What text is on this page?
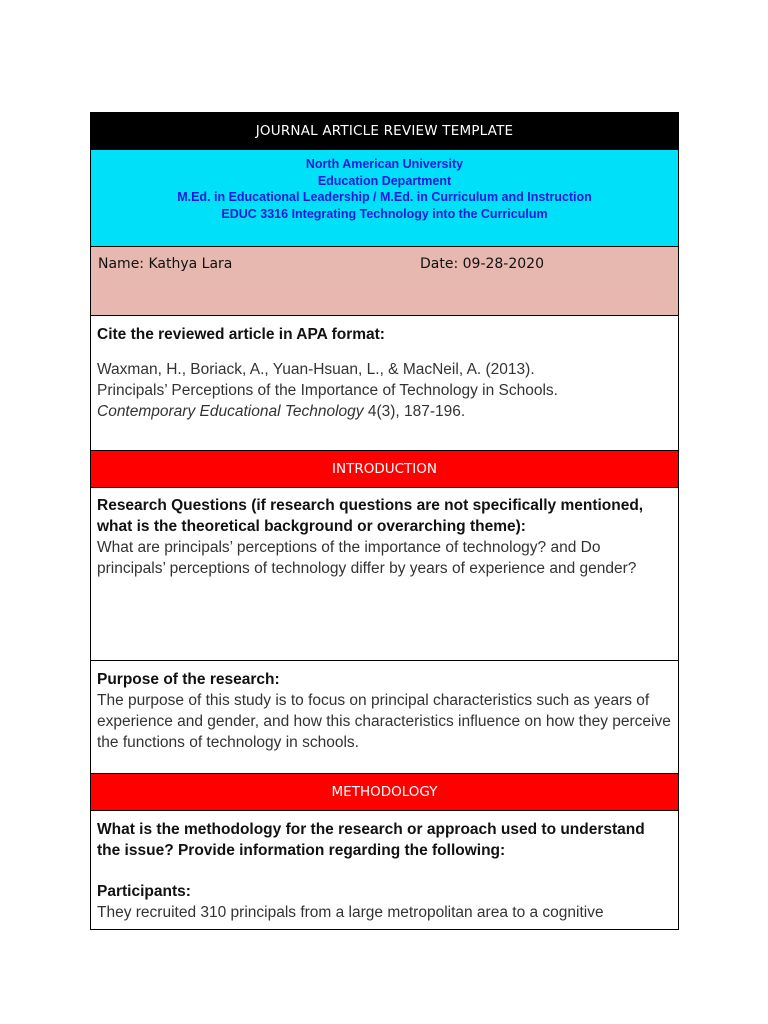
JOURNAL ARTICLE REVIEW TEMPLATE
North American University
Education Department
M.Ed. in Educational Leadership / M.Ed. in Curriculum and Instruction
EDUC 3316 Integrating Technology into the Curriculum
Name: Kathya Lara	Date: 09-28-2020
Cite the reviewed article in APA format:
Waxman, H., Boriack, A., Yuan-Hsuan, L., & MacNeil, A. (2013).
Principals’ Perceptions of the Importance of Technology in Schools.
Contemporary Educational Technology 4(3), 187-196.
INTRODUCTION
Research Questions (if research questions are not specifically mentioned, what is the theoretical background or overarching theme):
What are principals’ perceptions of the importance of technology? and Do principals’ perceptions of technology differ by years of experience and gender?
Purpose of the research:
The purpose of this study is to focus on principal characteristics such as years of experience and gender, and how this characteristics influence on how they perceive the functions of technology in schools.
METHODOLOGY
What is the methodology for the research or approach used to understand the issue? Provide information regarding the following:
Participants:
They recruited 310 principals from a large metropolitan area to a cognitive
